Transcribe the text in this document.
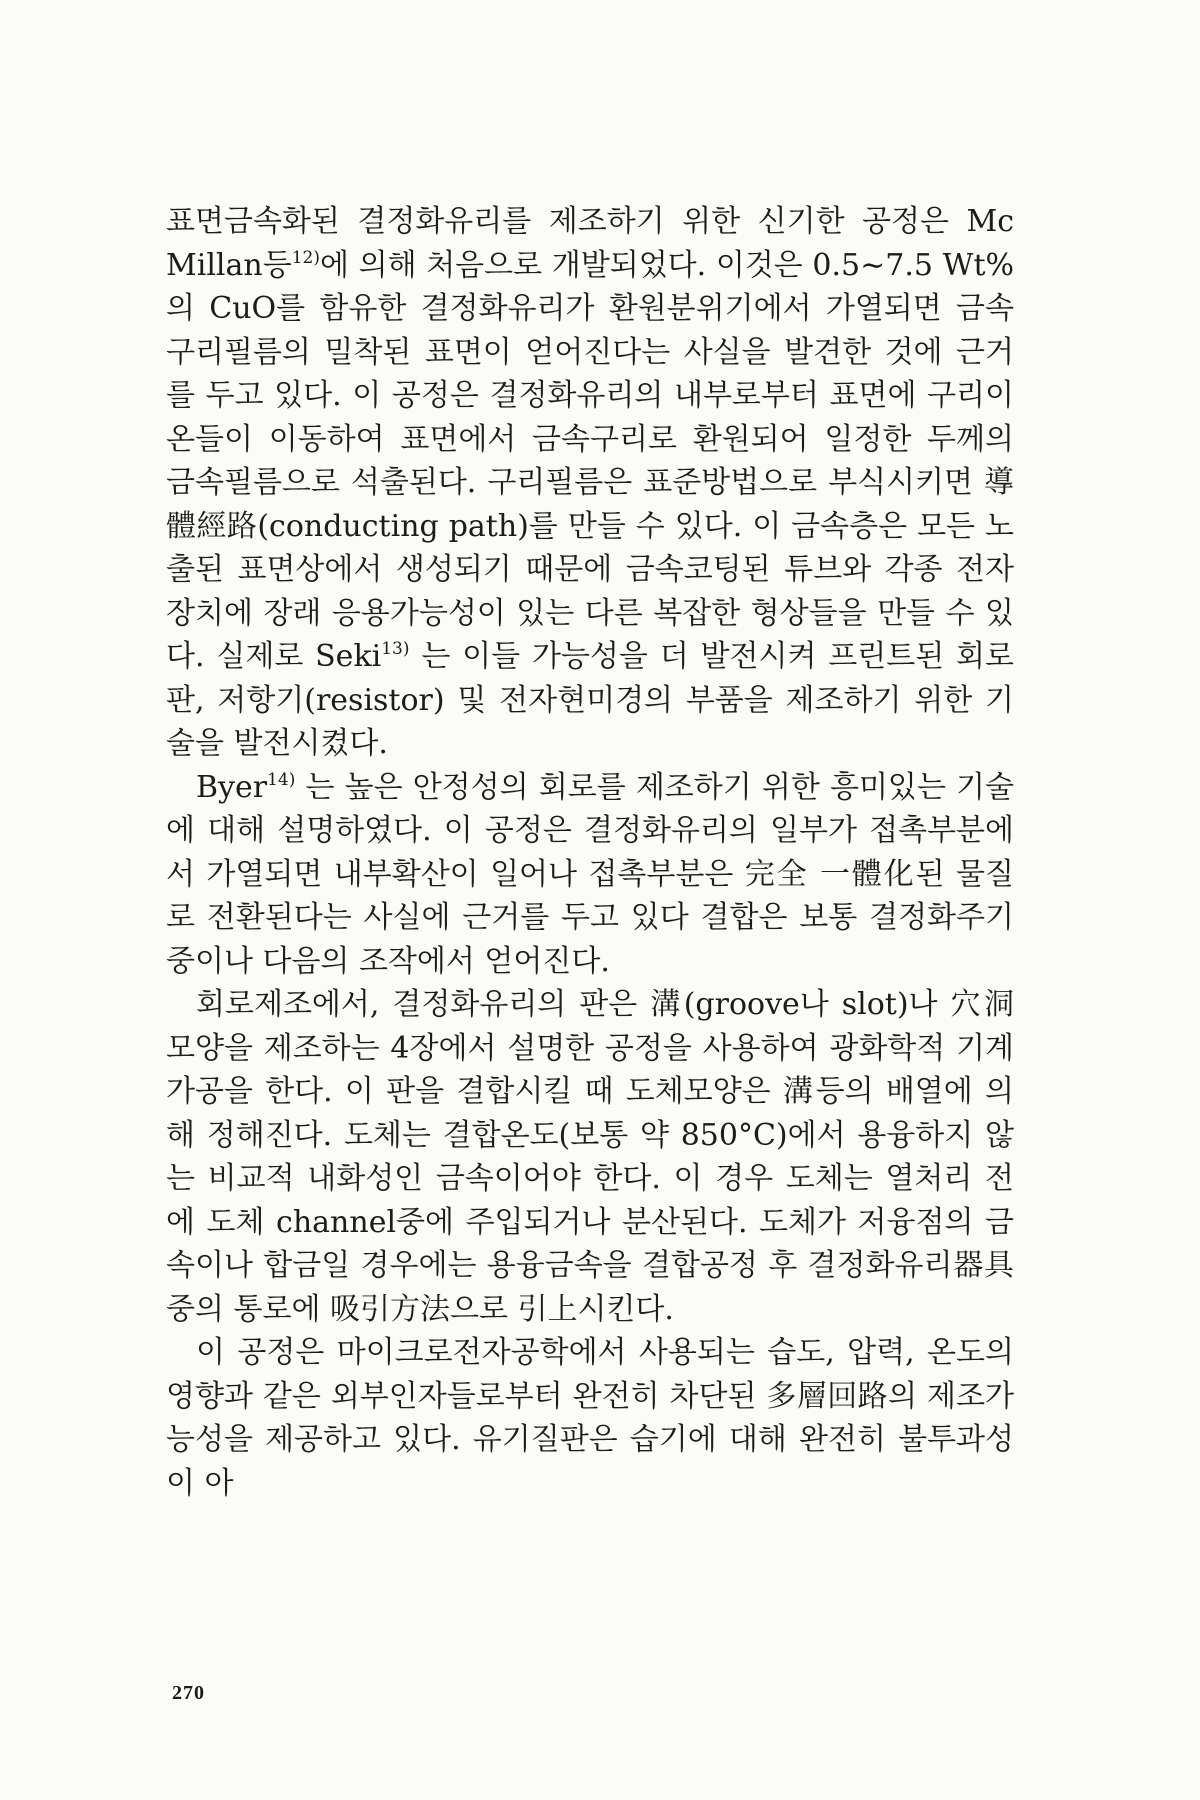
표면금속화된 결정화유리를 제조하기 위한 신기한 공정은 Mc Millan등$^{12)}$에 의해 처음으로 개발되었다. 이것은 0.5∼7.5 Wt%의 CuO를 함유한 결정화유리가 환원분위기에서 가열되면 금속구리필름의 밀착된 표면이 얻어진다는 사실을 발견한 것에 근거를 두고 있다. 이 공정은 결정화유리의 내부로부터 표면에 구리이온들이 이동하여 표면에서 금속구리로 환원되어 일정한 두께의 금속필름으로 석출된다. 구리필름은 표준방법으로 부식시키면 導體經路(conducting path)를 만들 수 있다. 이 금속층은 모든 노출된 표면상에서 생성되기 때문에 금속코팅된 튜브와 각종 전자장치에 장래 응용가능성이 있는 다른 복잡한 형상들을 만들 수 있다. 실제로 Seki$^{13)}$ 는 이들 가능성을 더 발전시켜 프린트된 회로판, 저항기(resistor) 및 전자현미경의 부품을 제조하기 위한 기술을 발전시켰다.

Byer$^{14)}$ 는 높은 안정성의 회로를 제조하기 위한 흥미있는 기술에 대해 설명하였다. 이 공정은 결정화유리의 일부가 접촉부분에서 가열되면 내부확산이 일어나 접촉부분은 完全 一體化된 물질로 전환된다는 사실에 근거를 두고 있다 결합은 보통 결정화주기 중이나 다음의 조작에서 얻어진다.

회로제조에서, 결정화유리의 판은 溝(groove나 slot)나 穴洞모양을 제조하는 4장에서 설명한 공정을 사용하여 광화학적 기계가공을 한다. 이 판을 결합시킬 때 도체모양은 溝등의 배열에 의해 정해진다. 도체는 결합온도(보통 약 850°C)에서 용융하지 않는 비교적 내화성인 금속이어야 한다. 이 경우 도체는 열처리 전에 도체 channel중에 주입되거나 분산된다. 도체가 저융점의 금속이나 합금일 경우에는 용융금속을 결합공정 후 결정화유리器具 중의 통로에 吸引方法으로 引上시킨다.

이 공정은 마이크로전자공학에서 사용되는 습도, 압력, 온도의 영향과 같은 외부인자들로부터 완전히 차단된 多層回路의 제조가능성을 제공하고 있다. 유기질판은 습기에 대해 완전히 불투과성이 아

270
